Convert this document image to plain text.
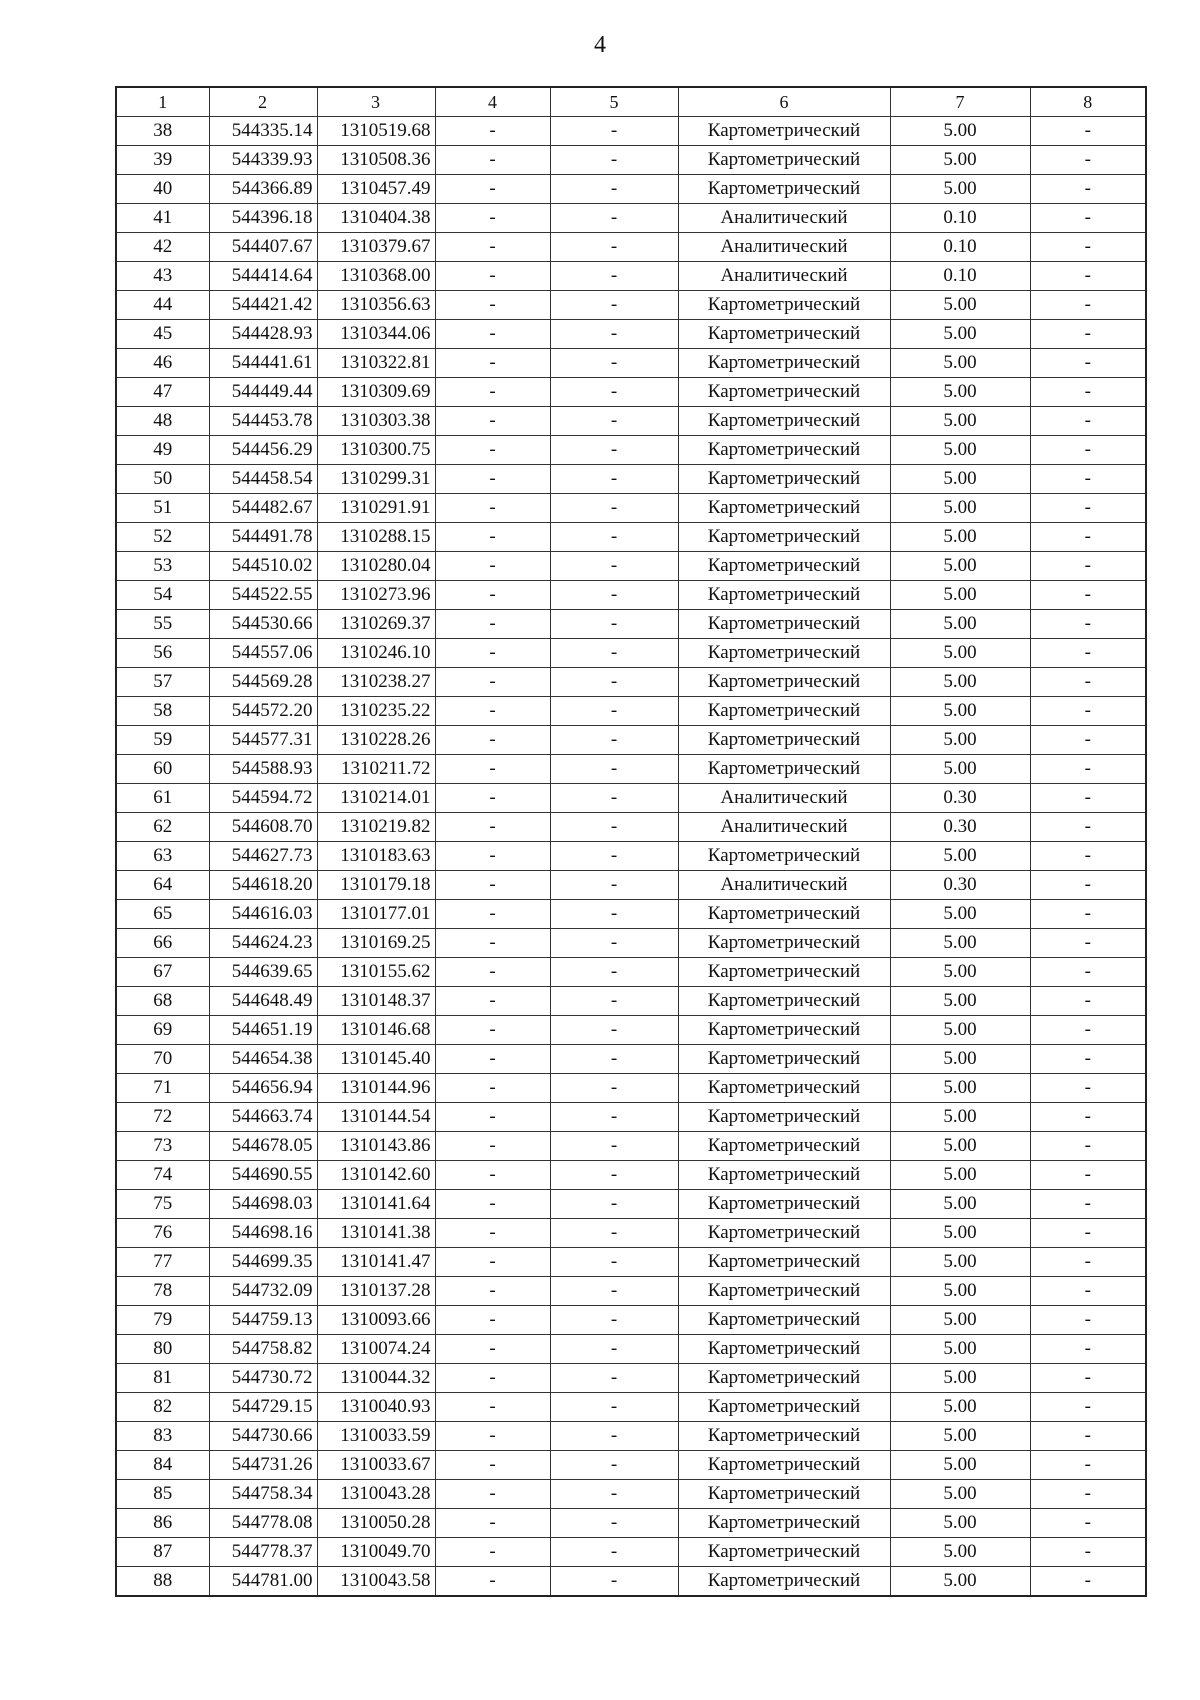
4
1	2	3	4	5	6	7	8
38	544335.14	1310519.68	-	-	Картометрический	5.00	-
39	544339.93	1310508.36	-	-	Картометрический	5.00	-
40	544366.89	1310457.49	-	-	Картометрический	5.00	-
41	544396.18	1310404.38	-	-	Аналитический	0.10	-
42	544407.67	1310379.67	-	-	Аналитический	0.10	-
43	544414.64	1310368.00	-	-	Аналитический	0.10	-
44	544421.42	1310356.63	-	-	Картометрический	5.00	-
45	544428.93	1310344.06	-	-	Картометрический	5.00	-
46	544441.61	1310322.81	-	-	Картометрический	5.00	-
47	544449.44	1310309.69	-	-	Картометрический	5.00	-
48	544453.78	1310303.38	-	-	Картометрический	5.00	-
49	544456.29	1310300.75	-	-	Картометрический	5.00	-
50	544458.54	1310299.31	-	-	Картометрический	5.00	-
51	544482.67	1310291.91	-	-	Картометрический	5.00	-
52	544491.78	1310288.15	-	-	Картометрический	5.00	-
53	544510.02	1310280.04	-	-	Картометрический	5.00	-
54	544522.55	1310273.96	-	-	Картометрический	5.00	-
55	544530.66	1310269.37	-	-	Картометрический	5.00	-
56	544557.06	1310246.10	-	-	Картометрический	5.00	-
57	544569.28	1310238.27	-	-	Картометрический	5.00	-
58	544572.20	1310235.22	-	-	Картометрический	5.00	-
59	544577.31	1310228.26	-	-	Картометрический	5.00	-
60	544588.93	1310211.72	-	-	Картометрический	5.00	-
61	544594.72	1310214.01	-	-	Аналитический	0.30	-
62	544608.70	1310219.82	-	-	Аналитический	0.30	-
63	544627.73	1310183.63	-	-	Картометрический	5.00	-
64	544618.20	1310179.18	-	-	Аналитический	0.30	-
65	544616.03	1310177.01	-	-	Картометрический	5.00	-
66	544624.23	1310169.25	-	-	Картометрический	5.00	-
67	544639.65	1310155.62	-	-	Картометрический	5.00	-
68	544648.49	1310148.37	-	-	Картометрический	5.00	-
69	544651.19	1310146.68	-	-	Картометрический	5.00	-
70	544654.38	1310145.40	-	-	Картометрический	5.00	-
71	544656.94	1310144.96	-	-	Картометрический	5.00	-
72	544663.74	1310144.54	-	-	Картометрический	5.00	-
73	544678.05	1310143.86	-	-	Картометрический	5.00	-
74	544690.55	1310142.60	-	-	Картометрический	5.00	-
75	544698.03	1310141.64	-	-	Картометрический	5.00	-
76	544698.16	1310141.38	-	-	Картометрический	5.00	-
77	544699.35	1310141.47	-	-	Картометрический	5.00	-
78	544732.09	1310137.28	-	-	Картометрический	5.00	-
79	544759.13	1310093.66	-	-	Картометрический	5.00	-
80	544758.82	1310074.24	-	-	Картометрический	5.00	-
81	544730.72	1310044.32	-	-	Картометрический	5.00	-
82	544729.15	1310040.93	-	-	Картометрический	5.00	-
83	544730.66	1310033.59	-	-	Картометрический	5.00	-
84	544731.26	1310033.67	-	-	Картометрический	5.00	-
85	544758.34	1310043.28	-	-	Картометрический	5.00	-
86	544778.08	1310050.28	-	-	Картометрический	5.00	-
87	544778.37	1310049.70	-	-	Картометрический	5.00	-
88	544781.00	1310043.58	-	-	Картометрический	5.00	-
